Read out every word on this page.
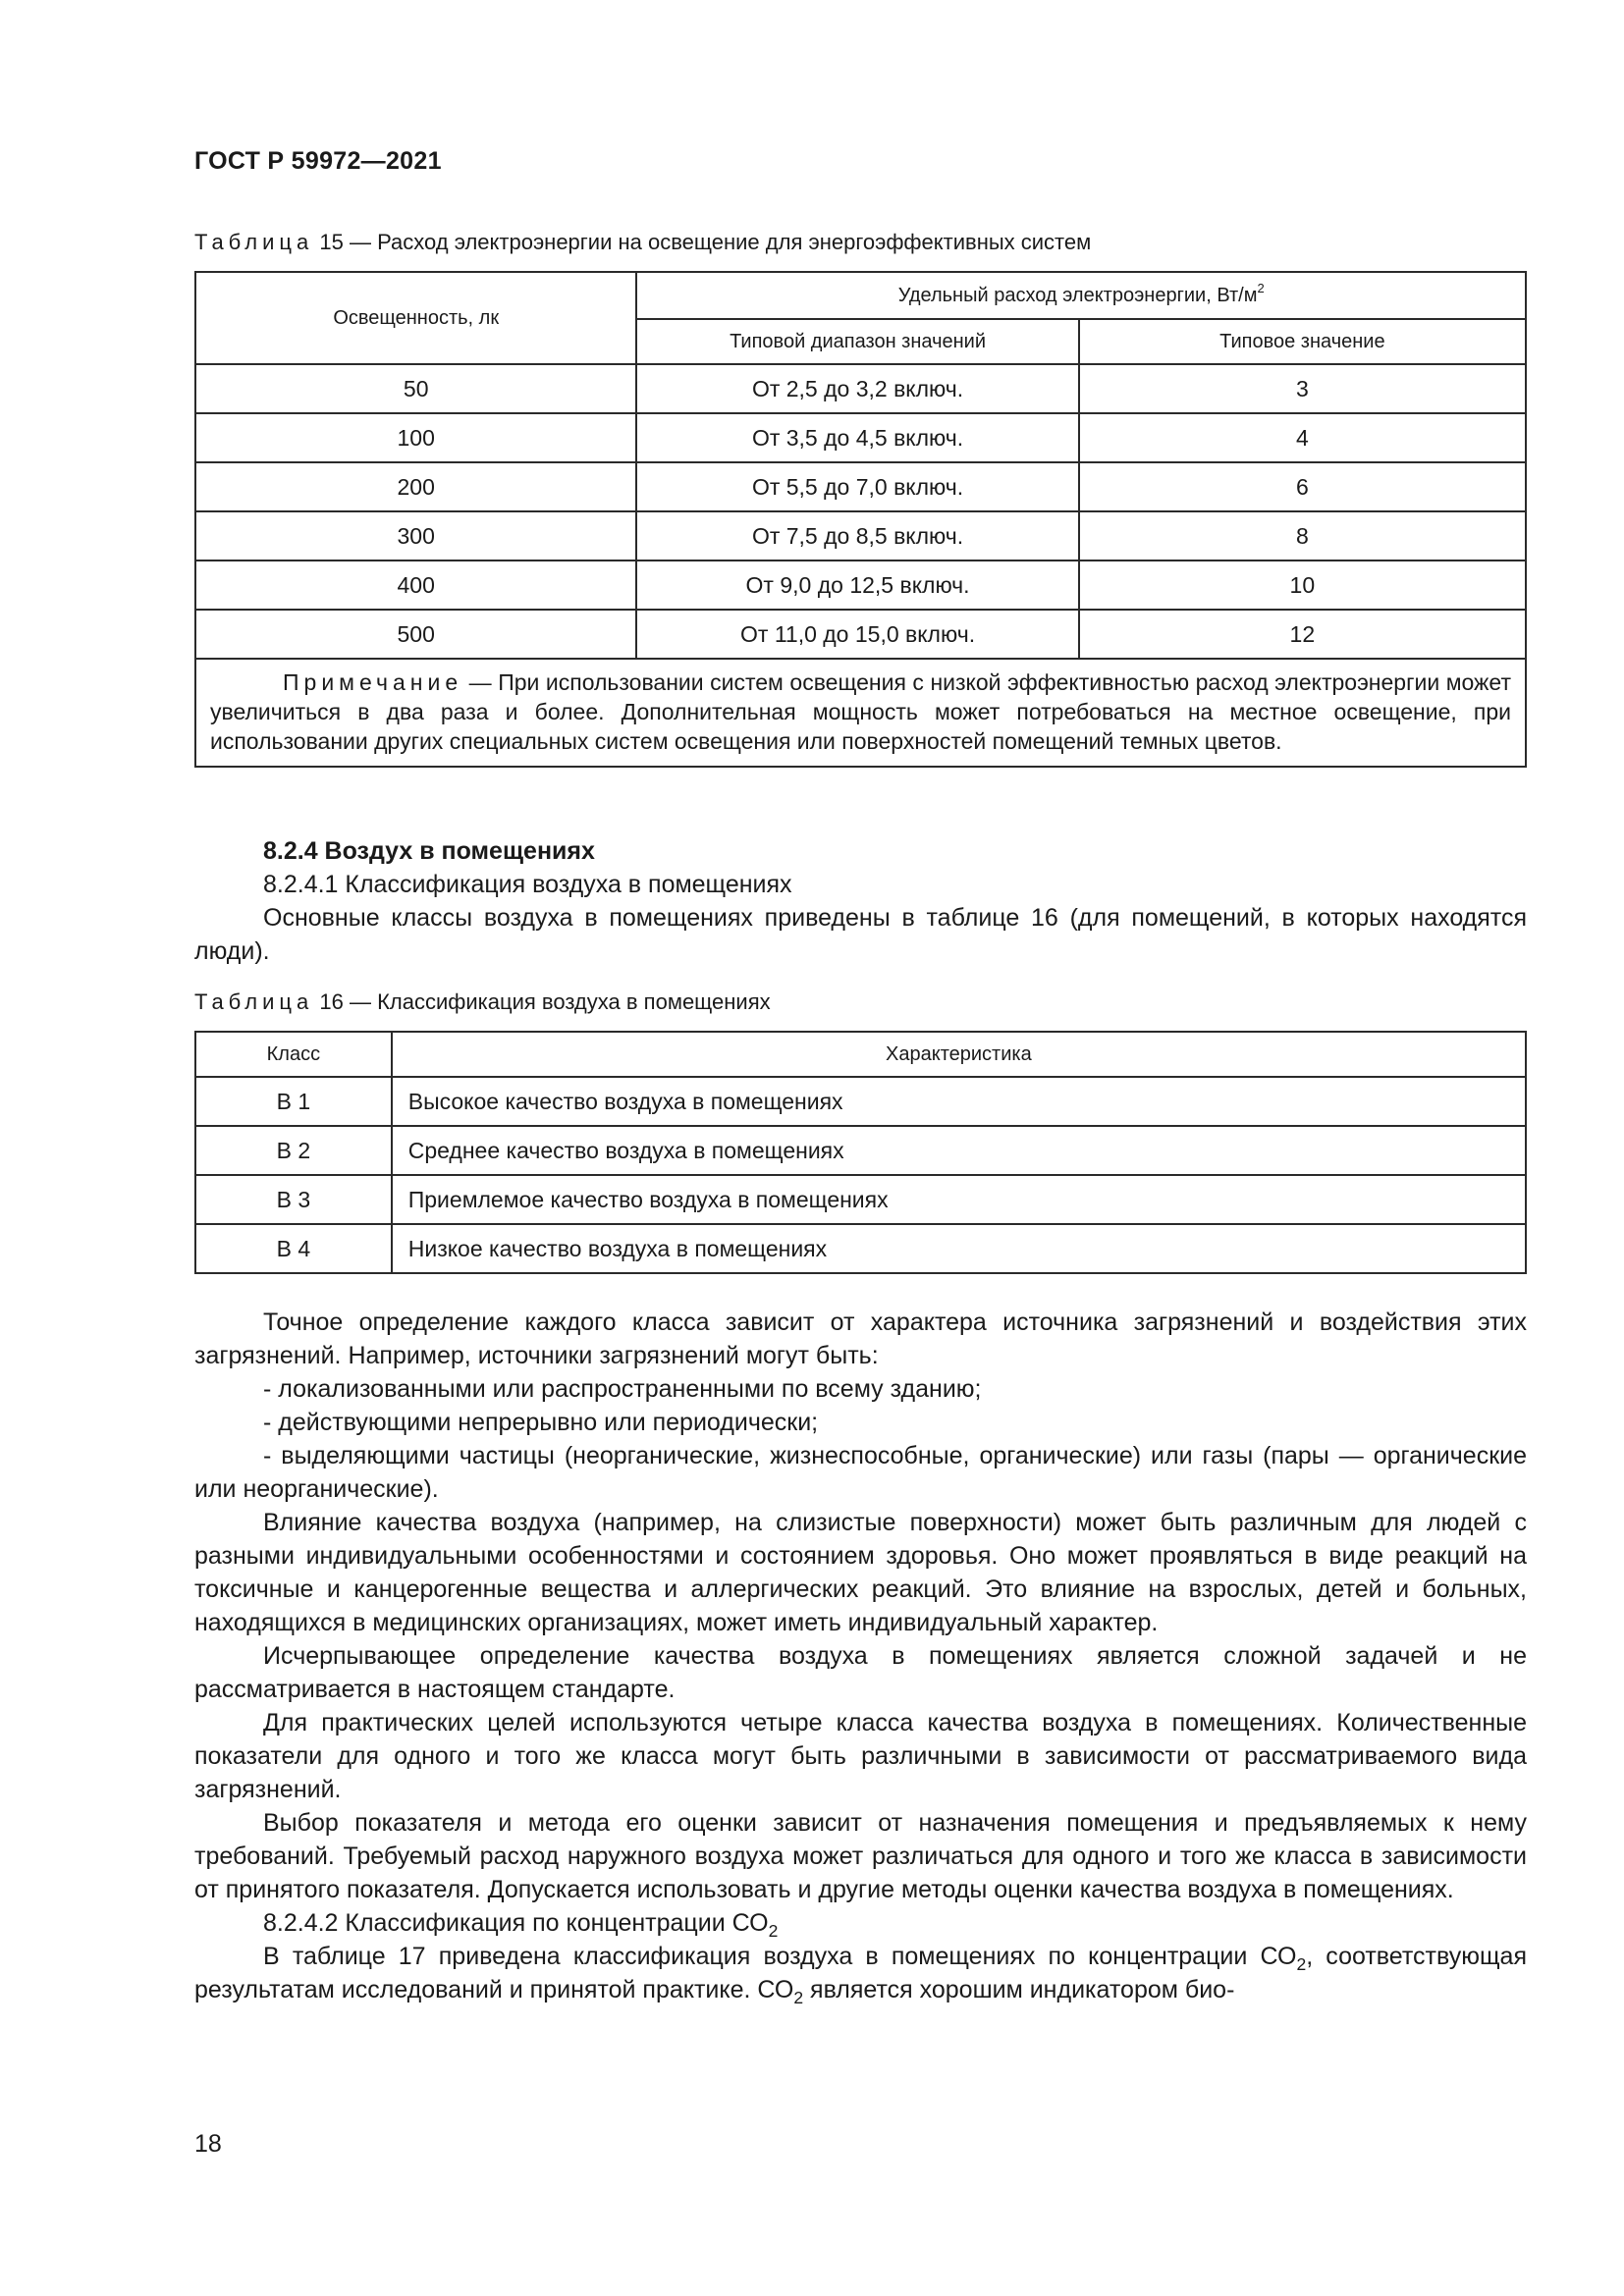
ГОСТ Р 59972—2021
Таблица 15 — Расход электроэнергии на освещение для энергоэффективных систем
Освещенность, лк	Удельный расход электроэнергии, $Вт/м^2$
	Типовой диапазон значений	Типовое значение
50	От 2,5 до 3,2 включ.	3
100	От 3,5 до 4,5 включ.	4
200	От 5,5 до 7,0 включ.	6
300	От 7,5 до 8,5 включ.	8
400	От 9,0 до 12,5 включ.	10
500	От 11,0 до 15,0 включ.	12
Примечание — При использовании систем освещения с низкой эффективностью расход электроэнергии может увеличиться в два раза и более. Дополнительная мощность может потребоваться на местное освещение, при использовании других специальных систем освещения или поверхностей помещений темных цветов.		

8.2.4 Воздух в помещениях

8.2.4.1 Классификация воздуха в помещениях

Основные классы воздуха в помещениях приведены в таблице 16 (для помещений, в которых находятся люди).

Таблица 16 — Классификация воздуха в помещениях
Класс	Характеристика
В 1	Высокое качество воздуха в помещениях
В 2	Среднее качество воздуха в помещениях
В 3	Приемлемое качество воздуха в помещениях
В 4	Низкое качество воздуха в помещениях

Точное определение каждого класса зависит от характера источника загрязнений и воздействия этих загрязнений. Например, источники загрязнений могут быть:

- локализованными или распространенными по всему зданию;

- действующими непрерывно или периодически;

- выделяющими частицы (неорганические, жизнеспособные, органические) или газы (пары — органические или неорганические).

Влияние качества воздуха (например, на слизистые поверхности) может быть различным для людей с разными индивидуальными особенностями и состоянием здоровья. Оно может проявляться в виде реакций на токсичные и канцерогенные вещества и аллергических реакций. Это влияние на взрослых, детей и больных, находящихся в медицинских организациях, может иметь индивидуальный характер.

Исчерпывающее определение качества воздуха в помещениях является сложной задачей и не рассматривается в настоящем стандарте.

Для практических целей используются четыре класса качества воздуха в помещениях. Количественные показатели для одного и того же класса могут быть различными в зависимости от рассматриваемого вида загрязнений.

Выбор показателя и метода его оценки зависит от назначения помещения и предъявляемых к нему требований. Требуемый расход наружного воздуха может различаться для одного и того же класса в зависимости от принятого показателя. Допускается использовать и другие методы оценки качества воздуха в помещениях.

8.2.4.2 Классификация по концентрации $СО_2$

В таблице 17 приведена классификация воздуха в помещениях по концентрации $СО_2$, соответствующая результатам исследований и принятой практике. $СО_2$ является хорошим индикатором био-

18
